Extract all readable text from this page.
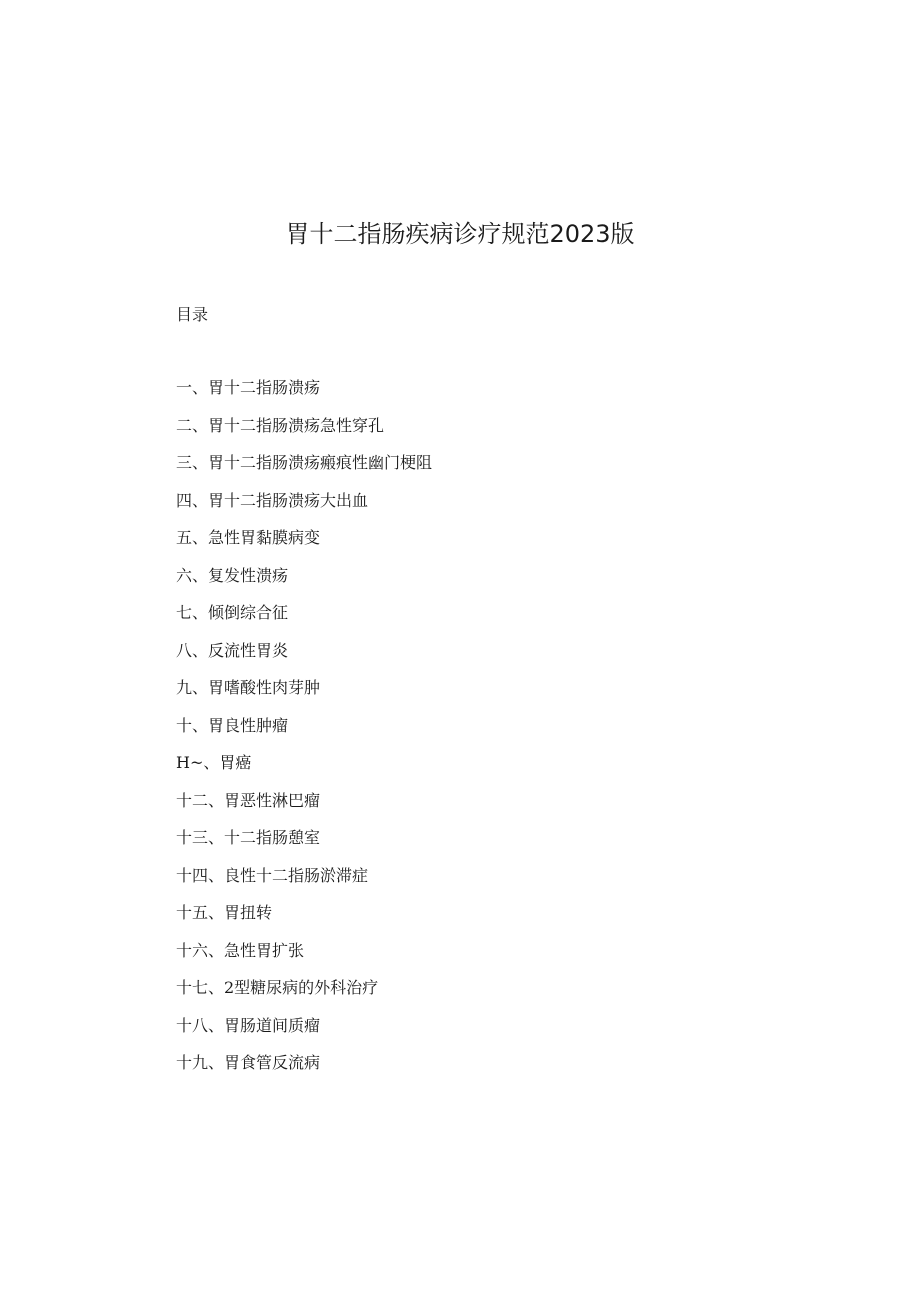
胃十二指肠疾病诊疗规范2023版
目录
一、胃十二指肠溃疡
二、胃十二指肠溃疡急性穿孔
三、胃十二指肠溃疡瘢痕性幽门梗阻
四、胃十二指肠溃疡大出血
五、急性胃黏膜病变
六、复发性溃疡
七、倾倒综合征
八、反流性胃炎
九、胃嗜酸性肉芽肿
十、胃良性肿瘤
H~、胃癌
十二、胃恶性淋巴瘤
十三、十二指肠憩室
十四、良性十二指肠淤滞症
十五、胃扭转
十六、急性胃扩张
十七、2型糖尿病的外科治疗
十八、胃肠道间质瘤
十九、胃食管反流病
